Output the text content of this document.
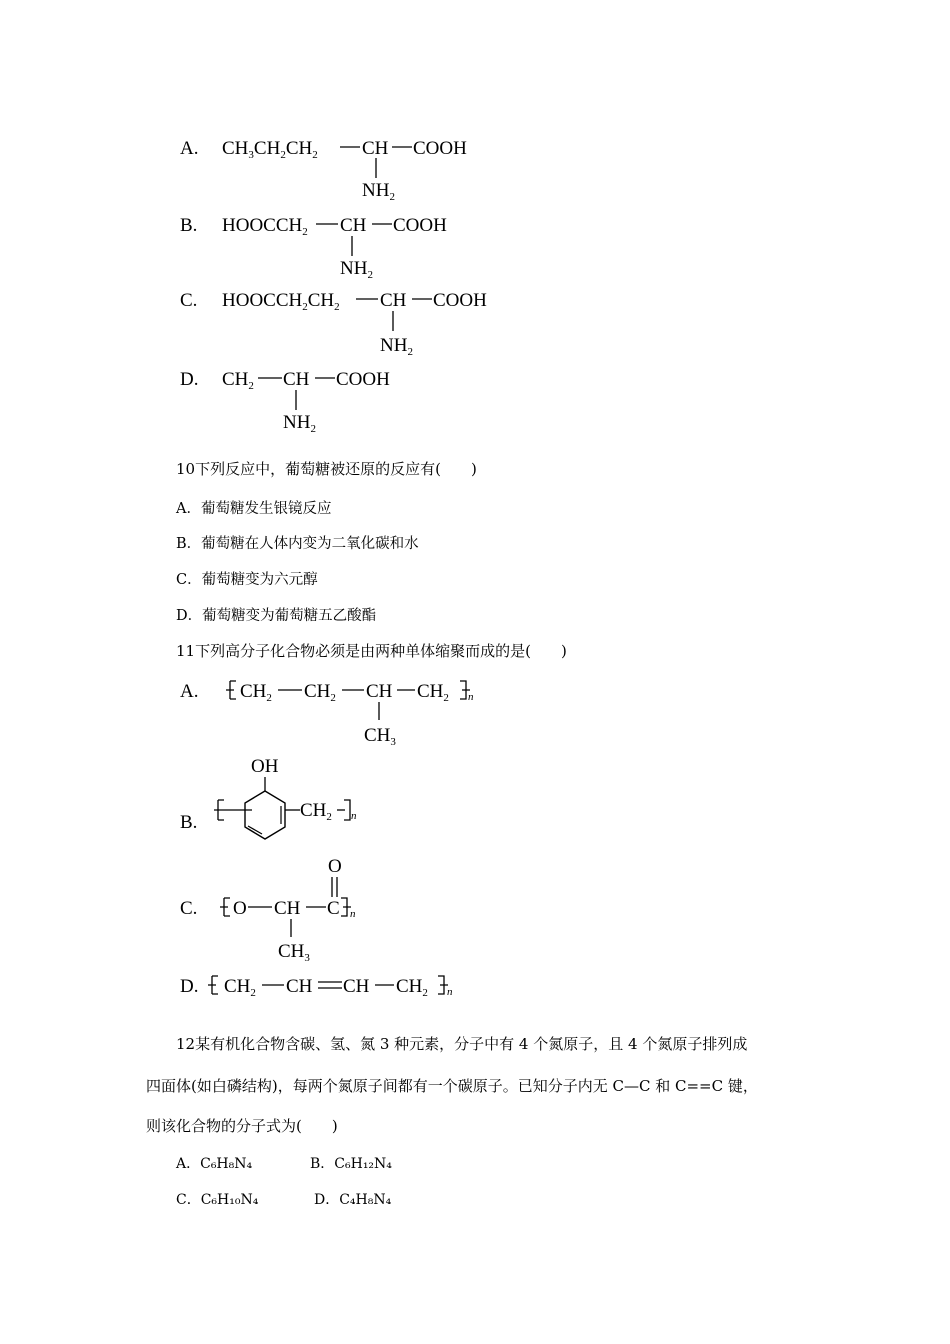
A. $CH_3CH_2CH_2$ CH COOH
$NH_2$
B. $HOOCCH_2$ CH COOH
$NH_2$
C. $HOOCCH_2CH_2$ CH COOH
$NH_2$
D. $CH_2$ CH COOH
$NH_2$
A. $CH_2$ $CH_2$ CH $CH_2$ n
$CH_3$
B.
OH
$CH_2$ n
C.
O
O CH C n
$CH_3$
D. $CH_2$ CH CH $CH_2$ n
10下列反应中，葡萄糖被还原的反应有(　　)
A．葡萄糖发生银镜反应
B．葡萄糖在人体内变为二氧化碳和水
C．葡萄糖变为六元醇
D．葡萄糖变为葡萄糖五乙酸酯
11下列高分子化合物必须是由两种单体缩聚而成的是(　　)
12某有机化合物含碳、氢、氮 3 种元素，分子中有 4 个氮原子，且 4 个氮原子排列成
四面体(如白磷结构)，每两个氮原子间都有一个碳原子。已知分子内无 C—C 和 C==C 键，
则该化合物的分子式为(　　)
A．C₆H₈N₄	B．C₆H₁₂N₄
C．C₆H₁₀N₄	D．C₄H₈N₄
